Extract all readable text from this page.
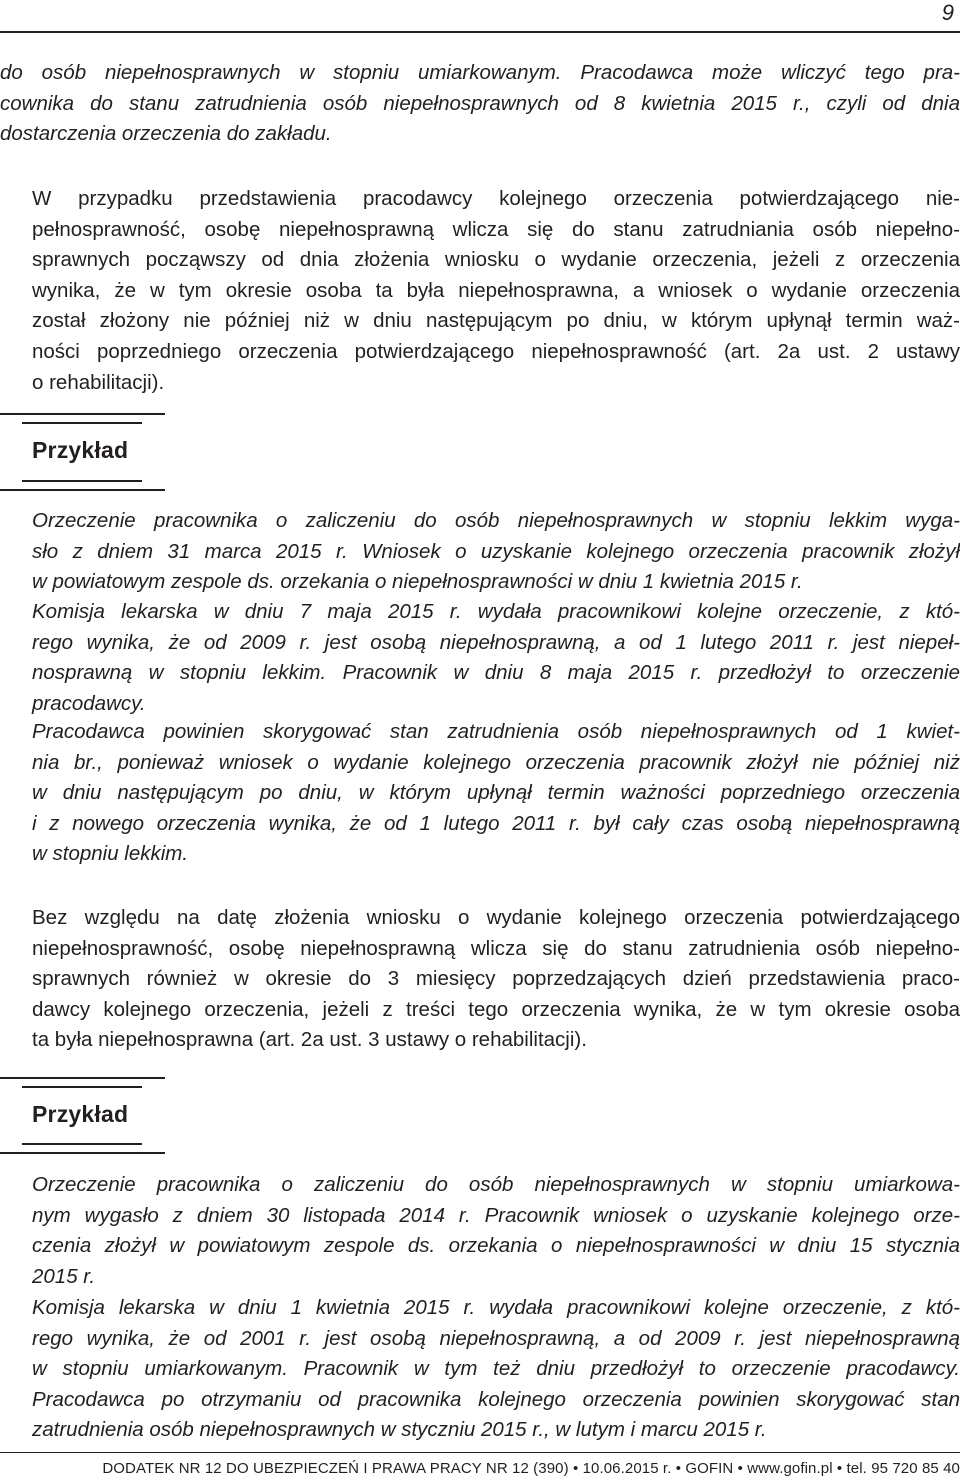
9
do osób niepełnosprawnych w stopniu umiarkowanym. Pracodawca może wliczyć tego pra-
cownika do stanu zatrudnienia osób niepełnosprawnych od 8 kwietnia 2015 r., czyli od dnia
dostarczenia orzeczenia do zakładu.
W przypadku przedstawienia pracodawcy kolejnego orzeczenia potwierdzającego nie-
pełnosprawność, osobę niepełnosprawną wlicza się do stanu zatrudniania osób niepełno-
sprawnych począwszy od dnia złożenia wniosku o wydanie orzeczenia, jeżeli z orzeczenia
wynika, że w tym okresie osoba ta była niepełnosprawna, a wniosek o wydanie orzeczenia
został złożony nie później niż w dniu następującym po dniu, w którym upłynął termin waż-
ności poprzedniego orzeczenia potwierdzającego niepełnosprawność (art. 2a ust. 2 ustawy
o rehabilitacji).
Przykład
Orzeczenie pracownika o zaliczeniu do osób niepełnosprawnych w stopniu lekkim wyga-
sło z dniem 31 marca 2015 r. Wniosek o uzyskanie kolejnego orzeczenia pracownik złożył
w powiatowym zespole ds. orzekania o niepełnosprawności w dniu 1 kwietnia 2015 r.
Komisja lekarska w dniu 7 maja 2015 r. wydała pracownikowi kolejne orzeczenie, z któ-
rego wynika, że od 2009 r. jest osobą niepełnosprawną, a od 1 lutego 2011 r. jest niepeł-
nosprawną w stopniu lekkim. Pracownik w dniu 8 maja 2015 r. przedłożył to orzeczenie
pracodawcy.
Pracodawca powinien skorygować stan zatrudnienia osób niepełnosprawnych od 1 kwiet-
nia br., ponieważ wniosek o wydanie kolejnego orzeczenia pracownik złożył nie później niż
w dniu następującym po dniu, w którym upłynął termin ważności poprzedniego orzeczenia
i z nowego orzeczenia wynika, że od 1 lutego 2011 r. był cały czas osobą niepełnosprawną
w stopniu lekkim.
Bez względu na datę złożenia wniosku o wydanie kolejnego orzeczenia potwierdzającego
niepełnosprawność, osobę niepełnosprawną wlicza się do stanu zatrudnienia osób niepełno-
sprawnych również w okresie do 3 miesięcy poprzedzających dzień przedstawienia praco-
dawcy kolejnego orzeczenia, jeżeli z treści tego orzeczenia wynika, że w tym okresie osoba
ta była niepełnosprawna (art. 2a ust. 3 ustawy o rehabilitacji).
Przykład
Orzeczenie pracownika o zaliczeniu do osób niepełnosprawnych w stopniu umiarkowa-
nym wygasło z dniem 30 listopada 2014 r. Pracownik wniosek o uzyskanie kolejnego orze-
czenia złożył w powiatowym zespole ds. orzekania o niepełnosprawności w dniu 15 stycznia
2015 r.
Komisja lekarska w dniu 1 kwietnia 2015 r. wydała pracownikowi kolejne orzeczenie, z któ-
rego wynika, że od 2001 r. jest osobą niepełnosprawną, a od 2009 r. jest niepełnosprawną
w stopniu umiarkowanym. Pracownik w tym też dniu przedłożył to orzeczenie pracodawcy.
Pracodawca po otrzymaniu od pracownika kolejnego orzeczenia powinien skorygować stan
zatrudnienia osób niepełnosprawnych w styczniu 2015 r., w lutym i marcu 2015 r.
DODATEK NR 12 DO UBEZPIECZEŃ I PRAWA PRACY NR 12 (390) • 10.06.2015 r. • GOFIN • www.gofin.pl • tel. 95 720 85 40
